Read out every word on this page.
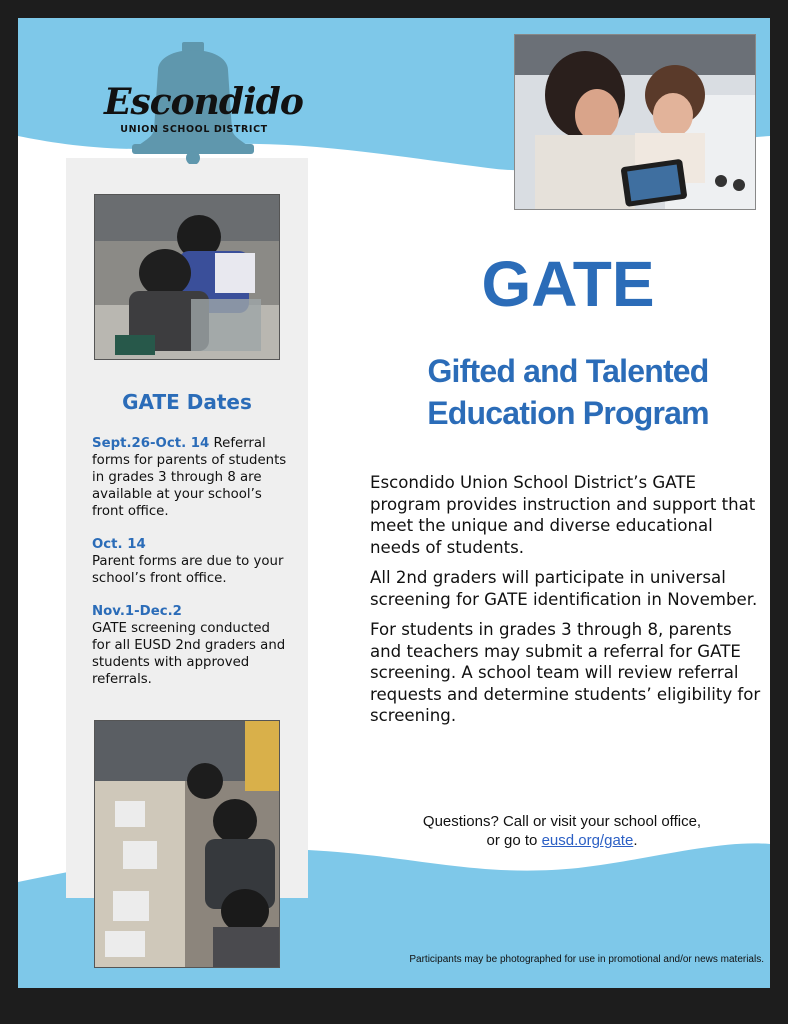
Escondido
UNION SCHOOL DISTRICT
GATE
Gifted and Talented
Education Program

Escondido Union School District’s GATE program provides instruction and support that meet the unique and diverse educational needs of students.

All 2nd graders will participate in universal screening for GATE identification in November.

For students in grades 3 through 8, parents and teachers may submit a referral for GATE screening. A school team will review referral requests and determine students’ eligibility for screening.

GATE Dates
Sept.26-Oct. 14 Referral forms for parents of students in grades 3 through 8 are available at your school’s front office.
Oct. 14
Parent forms are due to your school’s front office.
Nov.1-Dec.2
GATE screening conducted for all EUSD 2nd graders and students with approved referrals.
Questions? Call or visit your school office,
or go to eusd.org/gate.
Participants may be photographed for use in promotional and/or news materials.
